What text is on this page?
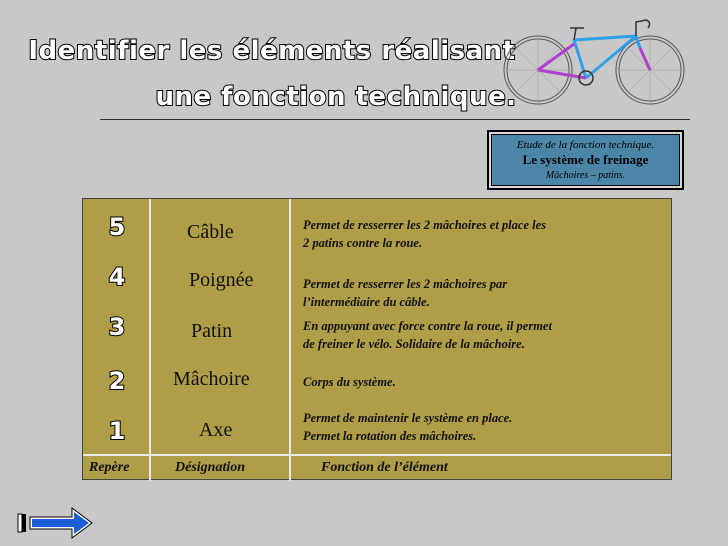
Identifier les éléments réalisant
une fonction technique.
Etude de la fonction technique.
Le système de freinage
Mâchoires – patins.
5
4
3
2
1
Câble
Poignée
Patin
Mâchoire
Axe
Permet de resserrer les 2 mâchoires et place les
2 patins contre la roue.
Permet de resserrer les 2 mâchoires par
l’intermédiaire du câble.
En appuyant avec force contre la roue, il permet
de freiner le vélo. Solidaire de la mâchoire.
Corps du système.
Permet de maintenir le système en place.
Permet la rotation des mâchoires.
Repère	Désignation	Fonction de l’élément
